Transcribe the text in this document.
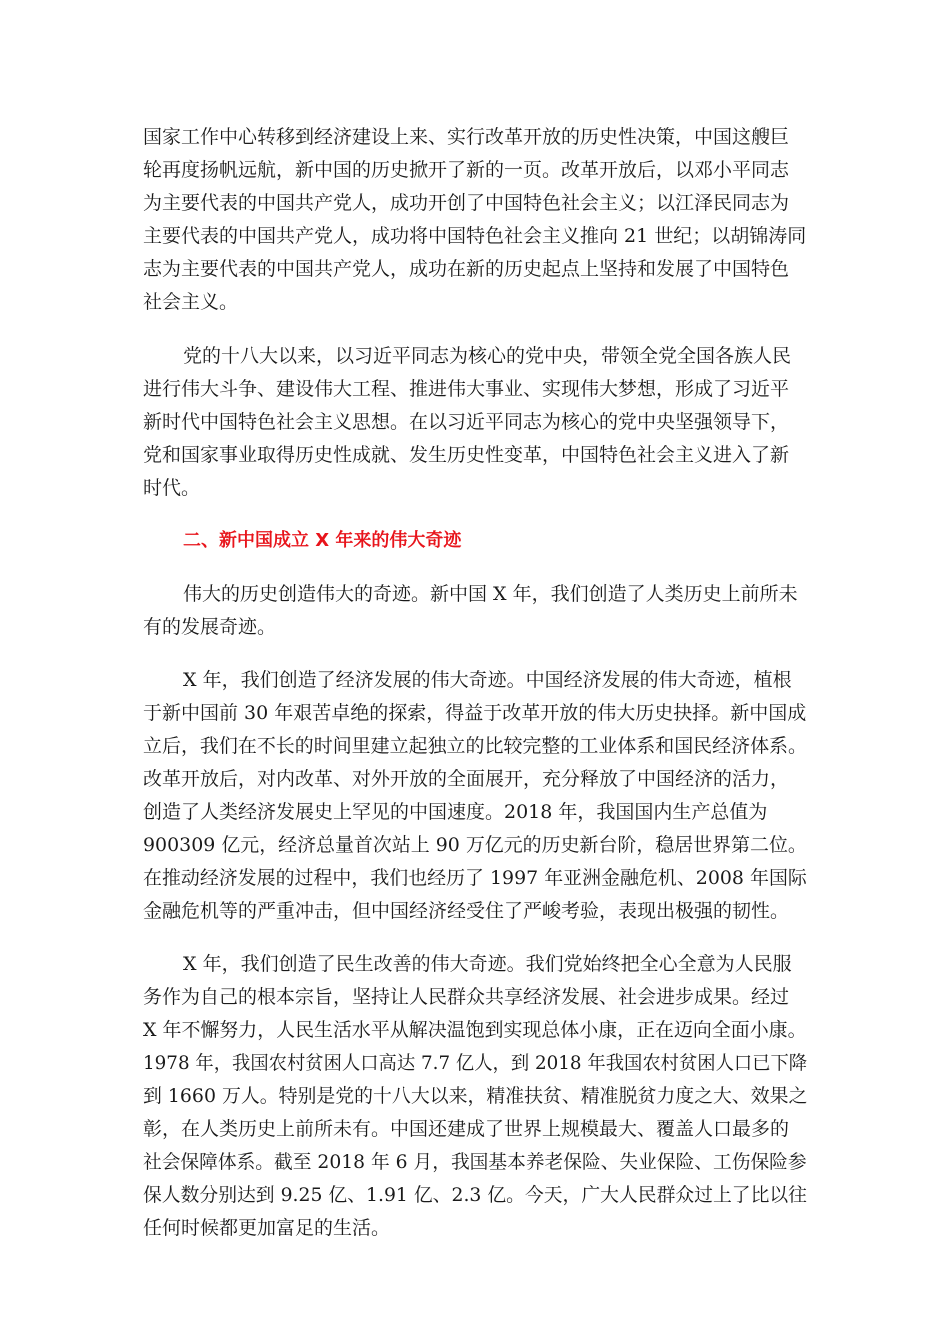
国家工作中心转移到经济建设上来、实行改革开放的历史性决策，中国这艘巨
轮再度扬帆远航，新中国的历史掀开了新的一页。改革开放后，以邓小平同志
为主要代表的中国共产党人，成功开创了中国特色社会主义；以江泽民同志为
主要代表的中国共产党人，成功将中国特色社会主义推向 21 世纪；以胡锦涛同
志为主要代表的中国共产党人，成功在新的历史起点上坚持和发展了中国特色
社会主义。
党的十八大以来，以习近平同志为核心的党中央，带领全党全国各族人民
进行伟大斗争、建设伟大工程、推进伟大事业、实现伟大梦想，形成了习近平
新时代中国特色社会主义思想。在以习近平同志为核心的党中央坚强领导下，
党和国家事业取得历史性成就、发生历史性变革，中国特色社会主义进入了新
时代。
二、新中国成立 X 年来的伟大奇迹
伟大的历史创造伟大的奇迹。新中国 X 年，我们创造了人类历史上前所未
有的发展奇迹。
X 年，我们创造了经济发展的伟大奇迹。中国经济发展的伟大奇迹，植根
于新中国前 30 年艰苦卓绝的探索，得益于改革开放的伟大历史抉择。新中国成
立后，我们在不长的时间里建立起独立的比较完整的工业体系和国民经济体系。
改革开放后，对内改革、对外开放的全面展开，充分释放了中国经济的活力，
创造了人类经济发展史上罕见的中国速度。2018 年，我国国内生产总值为
900309 亿元，经济总量首次站上 90 万亿元的历史新台阶，稳居世界第二位。
在推动经济发展的过程中，我们也经历了 1997 年亚洲金融危机、2008 年国际
金融危机等的严重冲击，但中国经济经受住了严峻考验，表现出极强的韧性。
X 年，我们创造了民生改善的伟大奇迹。我们党始终把全心全意为人民服
务作为自己的根本宗旨，坚持让人民群众共享经济发展、社会进步成果。经过
X 年不懈努力，人民生活水平从解决温饱到实现总体小康，正在迈向全面小康。
1978 年，我国农村贫困人口高达 7.7 亿人，到 2018 年我国农村贫困人口已下降
到 1660 万人。特别是党的十八大以来，精准扶贫、精准脱贫力度之大、效果之
彰，在人类历史上前所未有。中国还建成了世界上规模最大、覆盖人口最多的
社会保障体系。截至 2018 年 6 月，我国基本养老保险、失业保险、工伤保险参
保人数分别达到 9.25 亿、1.91 亿、2.3 亿。今天，广大人民群众过上了比以往
任何时候都更加富足的生活。
